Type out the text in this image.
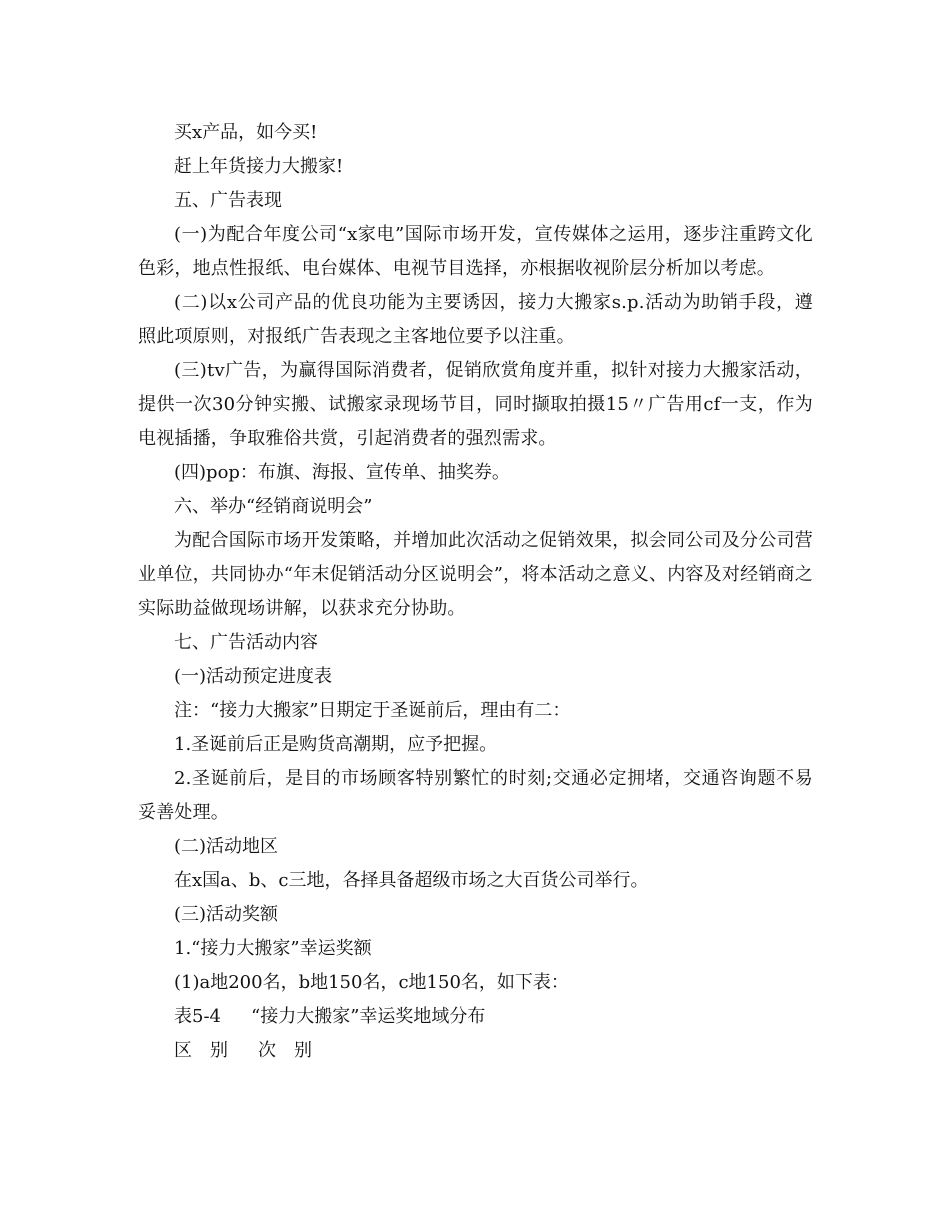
买x产品，如今买!

赶上年货接力大搬家!

五、广告表现

(一)为配合年度公司“x家电”国际市场开发，宣传媒体之运用，逐步注重跨文化色彩，地点性报纸、电台媒体、电视节目选择，亦根据收视阶层分析加以考虑。

(二)以x公司产品的优良功能为主要诱因，接力大搬家s.p.活动为助销手段，遵照此项原则，对报纸广告表现之主客地位要予以注重。

(三)tv广告，为赢得国际消费者，促销欣赏角度并重，拟针对接力大搬家活动，提供一次30分钟实搬、试搬家录现场节目，同时撷取拍摄15〃广告用cf一支，作为电视插播，争取雅俗共赏，引起消费者的强烈需求。

(四)pop：布旗、海报、宣传单、抽奖券。

六、举办“经销商说明会”

为配合国际市场开发策略，并增加此次活动之促销效果，拟会同公司及分公司营业单位，共同协办“年末促销活动分区说明会”，将本活动之意义、内容及对经销商之实际助益做现场讲解，以获求充分协助。

七、广告活动内容

(一)活动预定进度表

注：“接力大搬家”日期定于圣诞前后，理由有二：

1.圣诞前后正是购货高潮期，应予把握。

2.圣诞前后，是目的市场顾客特别繁忙的时刻;交通必定拥堵，交通咨询题不易妥善处理。

(二)活动地区

在x国a、b、c三地，各择具备超级市场之大百货公司举行。

(三)活动奖额

1.“接力大搬家”幸运奖额

(1)a地200名，b地150名，c地150名，如下表：

表5-4 “接力大搬家”幸运奖地域分布

区 别 次 别
